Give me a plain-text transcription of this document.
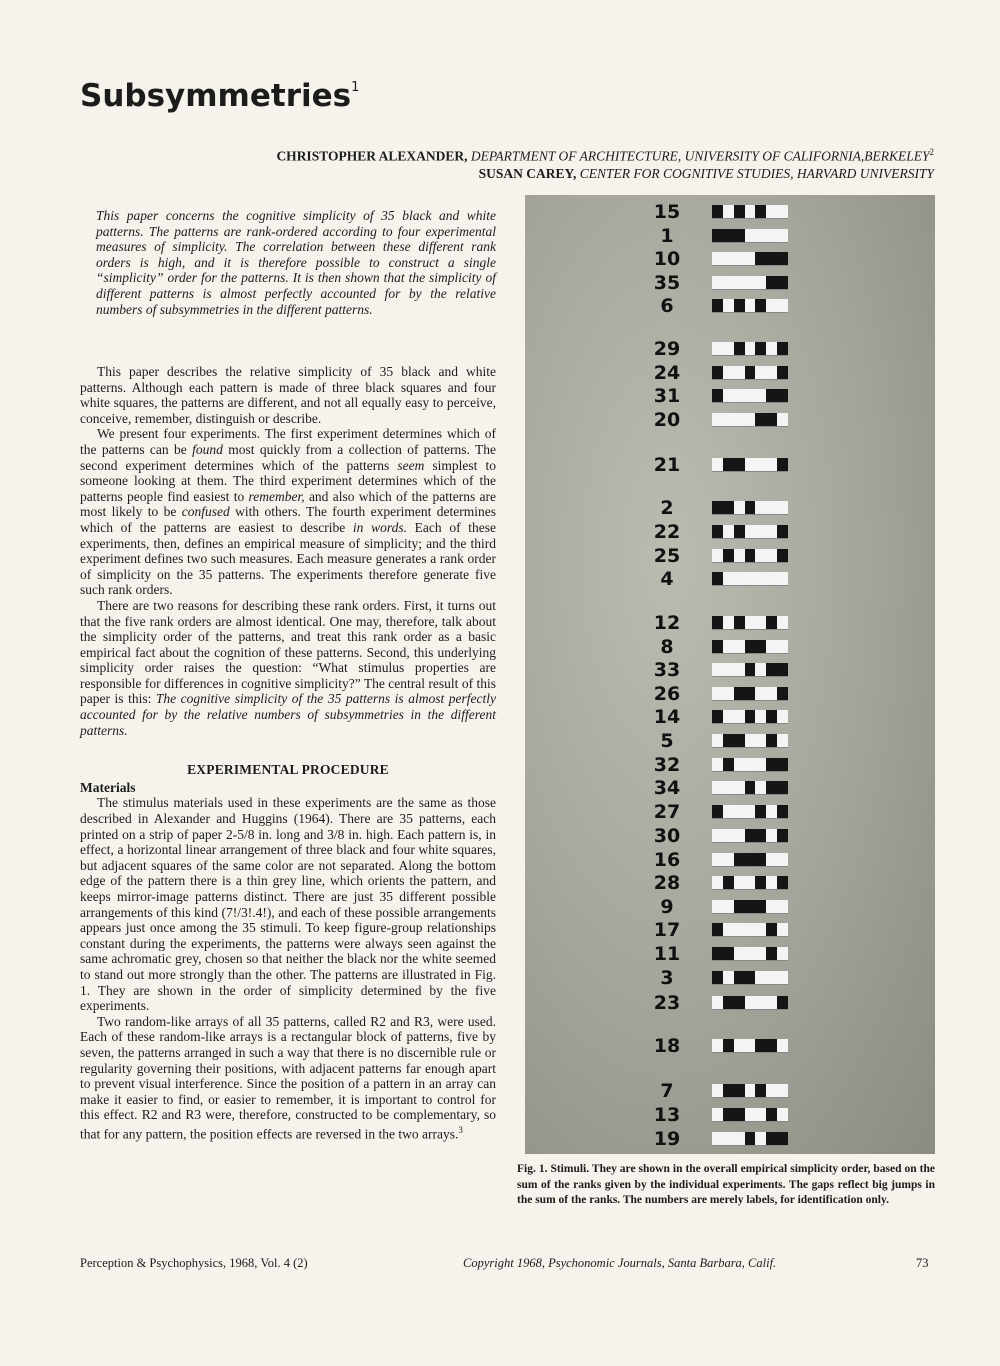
Subsymmetries$^1$
CHRISTOPHER ALEXANDER, DEPARTMENT OF ARCHITECTURE, UNIVERSITY OF CALIFORNIA,BERKELEY$^2$
SUSAN CAREY, CENTER FOR COGNITIVE STUDIES, HARVARD UNIVERSITY

This paper concerns the cognitive simplicity of 35 black and white patterns. The patterns are rank-ordered according to four experimental measures of simplicity. The correlation between these different rank orders is high, and it is therefore possible to construct a single “simplicity” order for the patterns. It is then shown that the simplicity of different patterns is almost perfectly accounted for by the relative numbers of subsymmetries in the different patterns.

This paper describes the relative simplicity of 35 black and white patterns. Although each pattern is made of three black squares and four white squares, the patterns are different, and not all equally easy to perceive, conceive, remember, distinguish or describe.

We present four experiments. The first experiment determines which of the patterns can be found most quickly from a collection of patterns. The second experiment determines which of the patterns seem simplest to someone looking at them. The third experiment determines which of the patterns people find easiest to remember, and also which of the patterns are most likely to be confused with others. The fourth experiment determines which of the patterns are easiest to describe in words. Each of these experiments, then, defines an empirical measure of simplicity; and the third experiment defines two such measures. Each measure generates a rank order of simplicity on the 35 patterns. The experiments therefore generate five such rank orders.

There are two reasons for describing these rank orders. First, it turns out that the five rank orders are almost identical. One may, therefore, talk about the simplicity order of the patterns, and treat this rank order as a basic empirical fact about the cognition of these patterns. Second, this underlying simplicity order raises the question: “What stimulus properties are responsible for differences in cognitive simplicity?” The central result of this paper is this: The cognitive simplicity of the 35 patterns is almost perfectly accounted for by the relative numbers of subsymmetries in the different patterns.

EXPERIMENTAL PROCEDURE
Materials

The stimulus materials used in these experiments are the same as those described in Alexander and Huggins (1964). There are 35 patterns, each printed on a strip of paper 2-5/8 in. long and 3/8 in. high. Each pattern is, in effect, a horizontal linear arrangement of three black and four white squares, but adjacent squares of the same color are not separated. Along the bottom edge of the pattern there is a thin grey line, which orients the pattern, and keeps mirror-image patterns distinct. There are just 35 different possible arrangements of this kind (7!/3!.4!), and each of these possible arrangements appears just once among the 35 stimuli. To keep figure-group relationships constant during the experiments, the patterns were always seen against the same achromatic grey, chosen so that neither the black nor the white seemed to stand out more strongly than the other. The patterns are illustrated in Fig. 1. They are shown in the order of simplicity determined by the five experiments.

Two random-like arrays of all 35 patterns, called R2 and R3, were used. Each of these random-like arrays is a rectangular block of patterns, five by seven, the patterns arranged in such a way that there is no discernible rule or regularity governing their positions, with adjacent patterns far enough apart to prevent visual interference. Since the position of a pattern in an array can make it easier to find, or easier to remember, it is important to control for this effect. R2 and R3 were, therefore, constructed to be complementary, so that for any pattern, the position effects are reversed in the two arrays.$^3$

15
1
10
35
6
29
24
31
20
21
2
22
25
4
12
8
33
26
14
5
32
34
27
30
16
28
9
17
11
3
23
18
7
13
19
Fig. 1. Stimuli. They are shown in the overall empirical simplicity order, based on the sum of the ranks given by the individual experiments. The gaps reflect big jumps in the sum of the ranks. The numbers are merely labels, for identification only.
Perception & Psychophysics, 1968, Vol. 4 (2)	Copyright 1968, Psychonomic Journals, Santa Barbara, Calif.	73
